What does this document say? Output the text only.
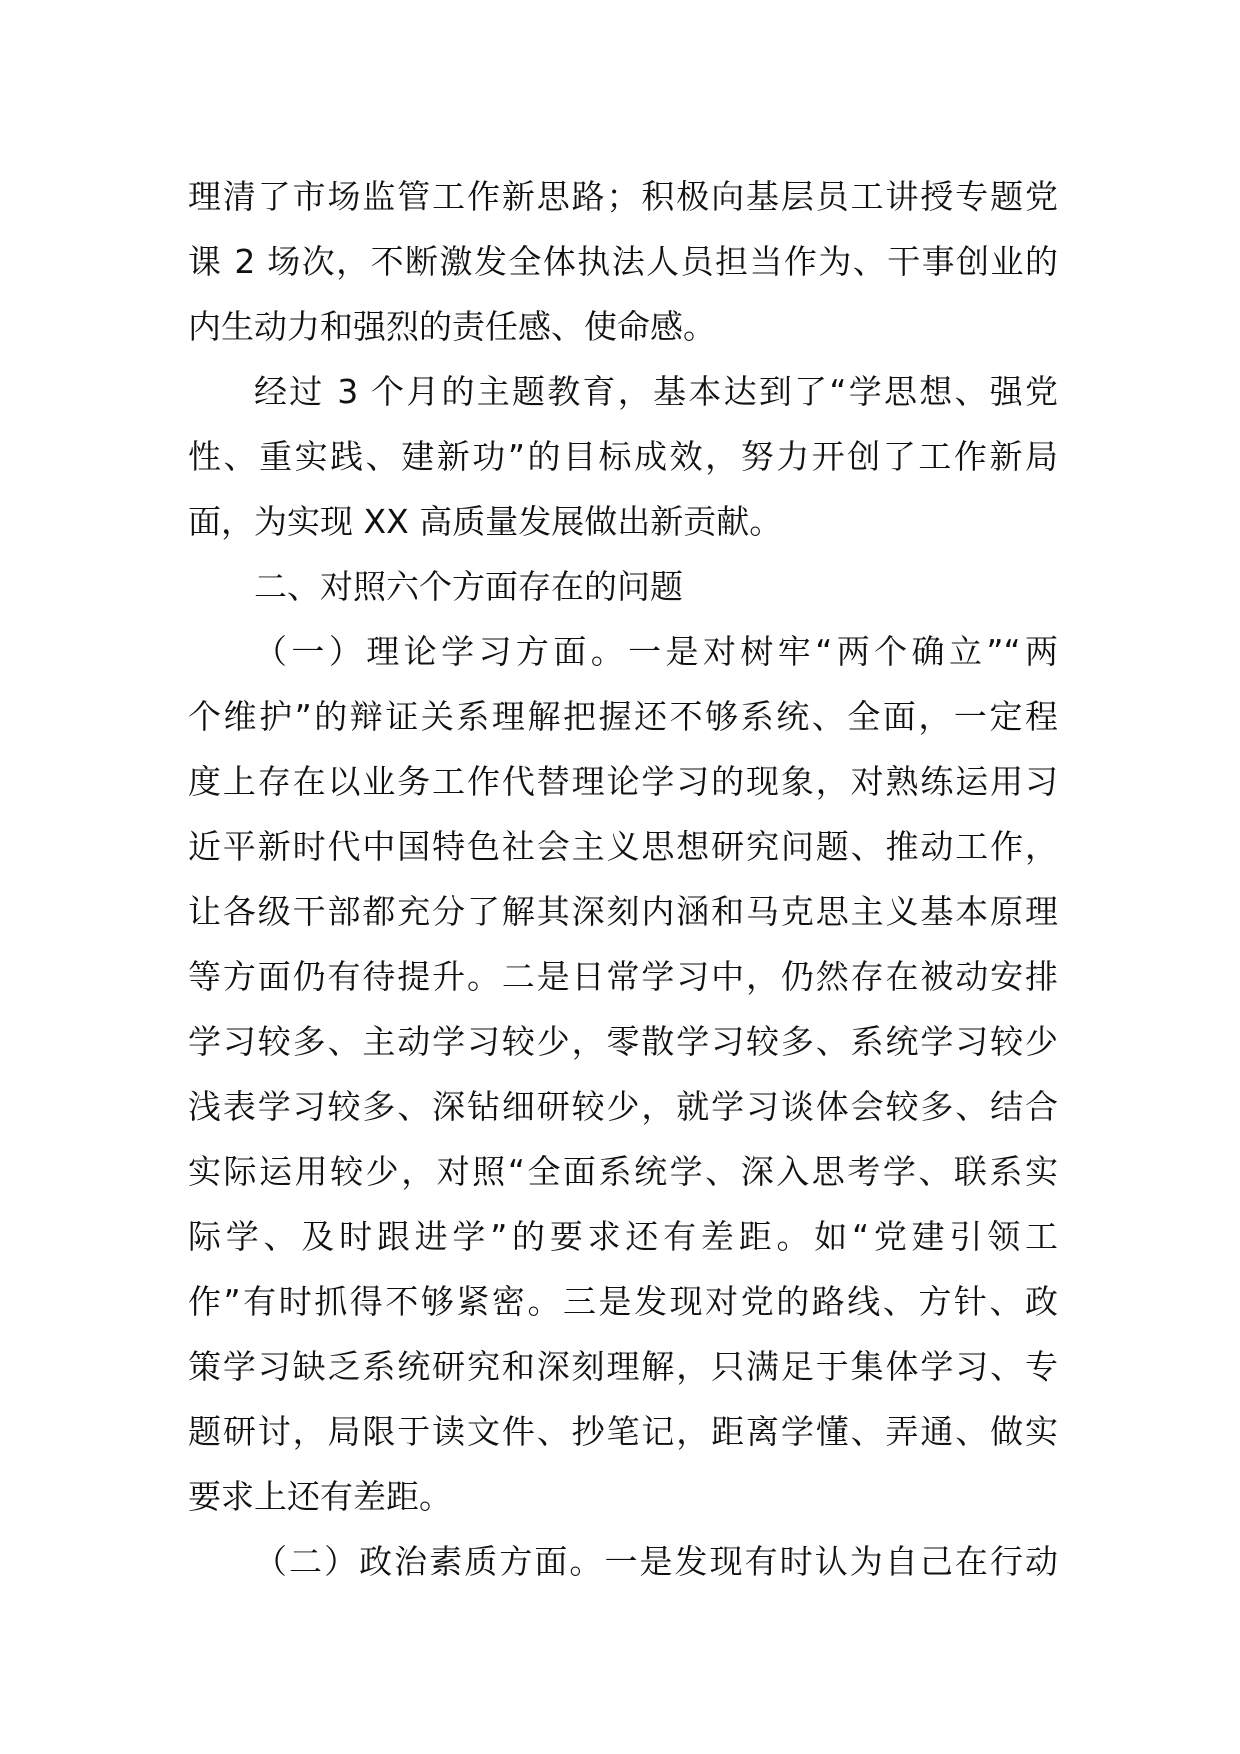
理清了市场监管工作新思路；积极向基层员工讲授专题党
课 2 场次，不断激发全体执法人员担当作为、干事创业的
内生动力和强烈的责任感、使命感。
经过 3 个月的主题教育，基本达到了“学思想、强党
性、重实践、建新功”的目标成效，努力开创了工作新局
面，为实现 XX 高质量发展做出新贡献。
二、对照六个方面存在的问题
（一）理论学习方面。一是对树牢“两个确立”“两
个维护”的辩证关系理解把握还不够系统、全面，一定程
度上存在以业务工作代替理论学习的现象，对熟练运用习
近平新时代中国特色社会主义思想研究问题、推动工作，
让各级干部都充分了解其深刻内涵和马克思主义基本原理
等方面仍有待提升。二是日常学习中，仍然存在被动安排
学习较多、主动学习较少，零散学习较多、系统学习较少
浅表学习较多、深钻细研较少，就学习谈体会较多、结合
实际运用较少，对照“全面系统学、深入思考学、联系实
际学、及时跟进学”的要求还有差距。如“党建引领工
作”有时抓得不够紧密。三是发现对党的路线、方针、政
策学习缺乏系统研究和深刻理解，只满足于集体学习、专
题研讨，局限于读文件、抄笔记，距离学懂、弄通、做实
要求上还有差距。
（二）政治素质方面。一是发现有时认为自己在行动
